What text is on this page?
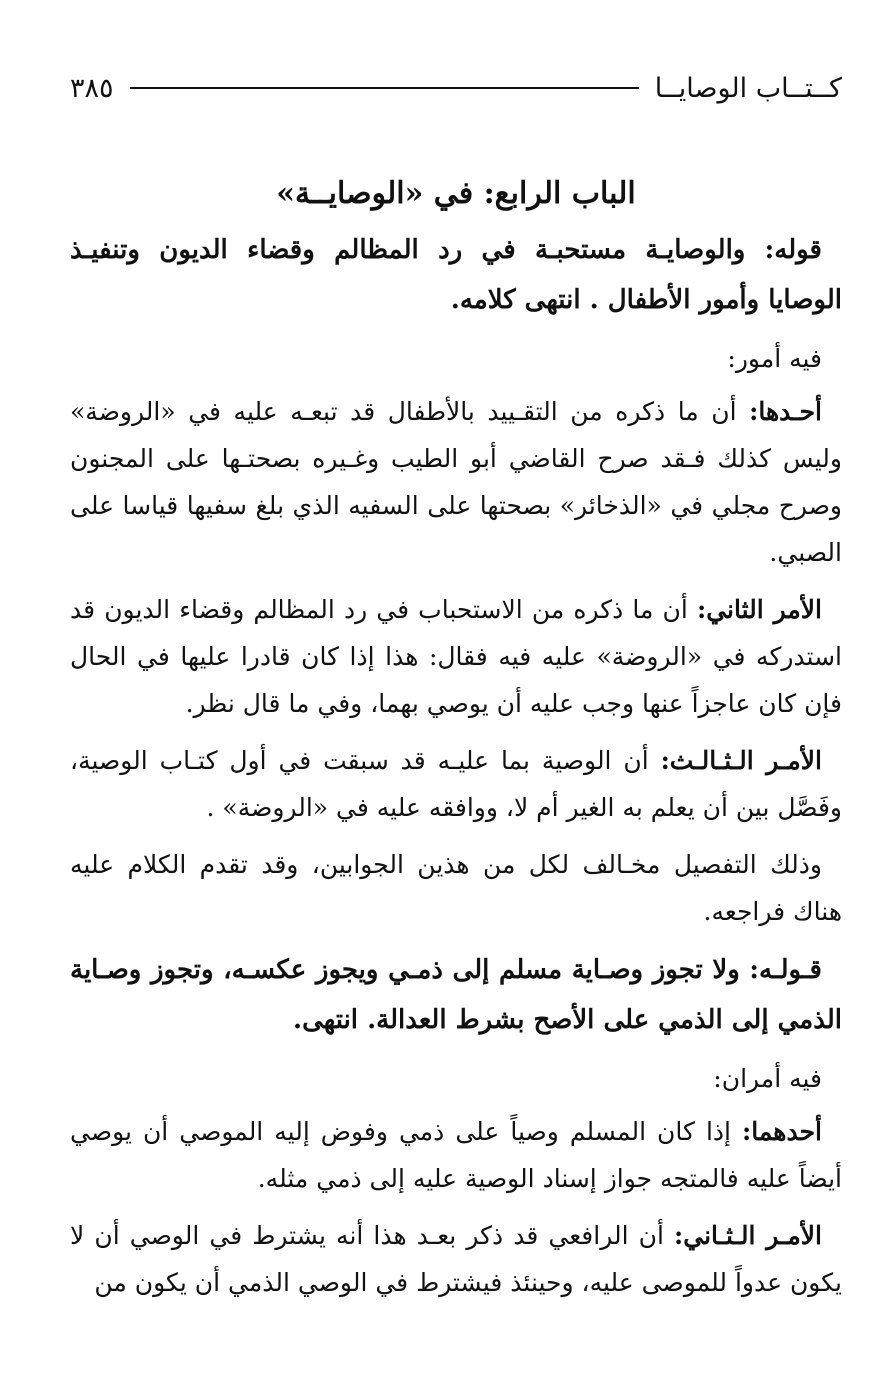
كــتــاب الوصايــا
٣٨٥
الباب الرابع: في «الوصايــة»

قوله: والوصايـة مستحبـة في رد المظالم وقضاء الديون وتنفيـذ الوصايا وأمور الأطفال . انتهى كلامه.

فيه أمور:

أحـدها: أن ما ذكره من التقـييد بالأطفال قد تبعـه عليه في «الروضة» وليس كذلك فـقد صرح القاضي أبو الطيب وغـيره بصحتـها على المجنون وصرح مجلي في «الذخائر» بصحتها على السفيه الذي بلغ سفيها قياسا على الصبي.

الأمر الثاني: أن ما ذكره من الاستحباب في رد المظالم وقضاء الديون قد استدركه في «الروضة» عليه فيه فقال: هذا إذا كان قادرا عليها في الحال فإن كان عاجزاً عنها وجب عليه أن يوصي بهما، وفي ما قال نظر.

الأمـر الـثـالـث: أن الوصية بما عليـه قد سبقت في أول كتـاب الوصية، وفَصَّل بين أن يعلم به الغير أم لا، ووافقه عليه في «الروضة» .

وذلك التفصيل مخـالف لكل من هذين الجوابين، وقد تقدم الكلام عليه هناك فراجعه.

قـولـه: ولا تجوز وصـاية مسلم إلى ذمـي ويجوز عكسـه، وتجوز وصـاية الذمي إلى الذمي على الأصح بشرط العدالة. انتهى.

فيه أمران:

أحدهما: إذا كان المسلم وصياً على ذمي وفوض إليه الموصي أن يوصي أيضاً عليه فالمتجه جواز إسناد الوصية عليه إلى ذمي مثله.

الأمـر الـثـاني: أن الرافعي قد ذكر بعـد هذا أنه يشترط في الوصي أن لا يكون عدواً للموصى عليه، وحينئذ فيشترط في الوصي الذمي أن يكون من
